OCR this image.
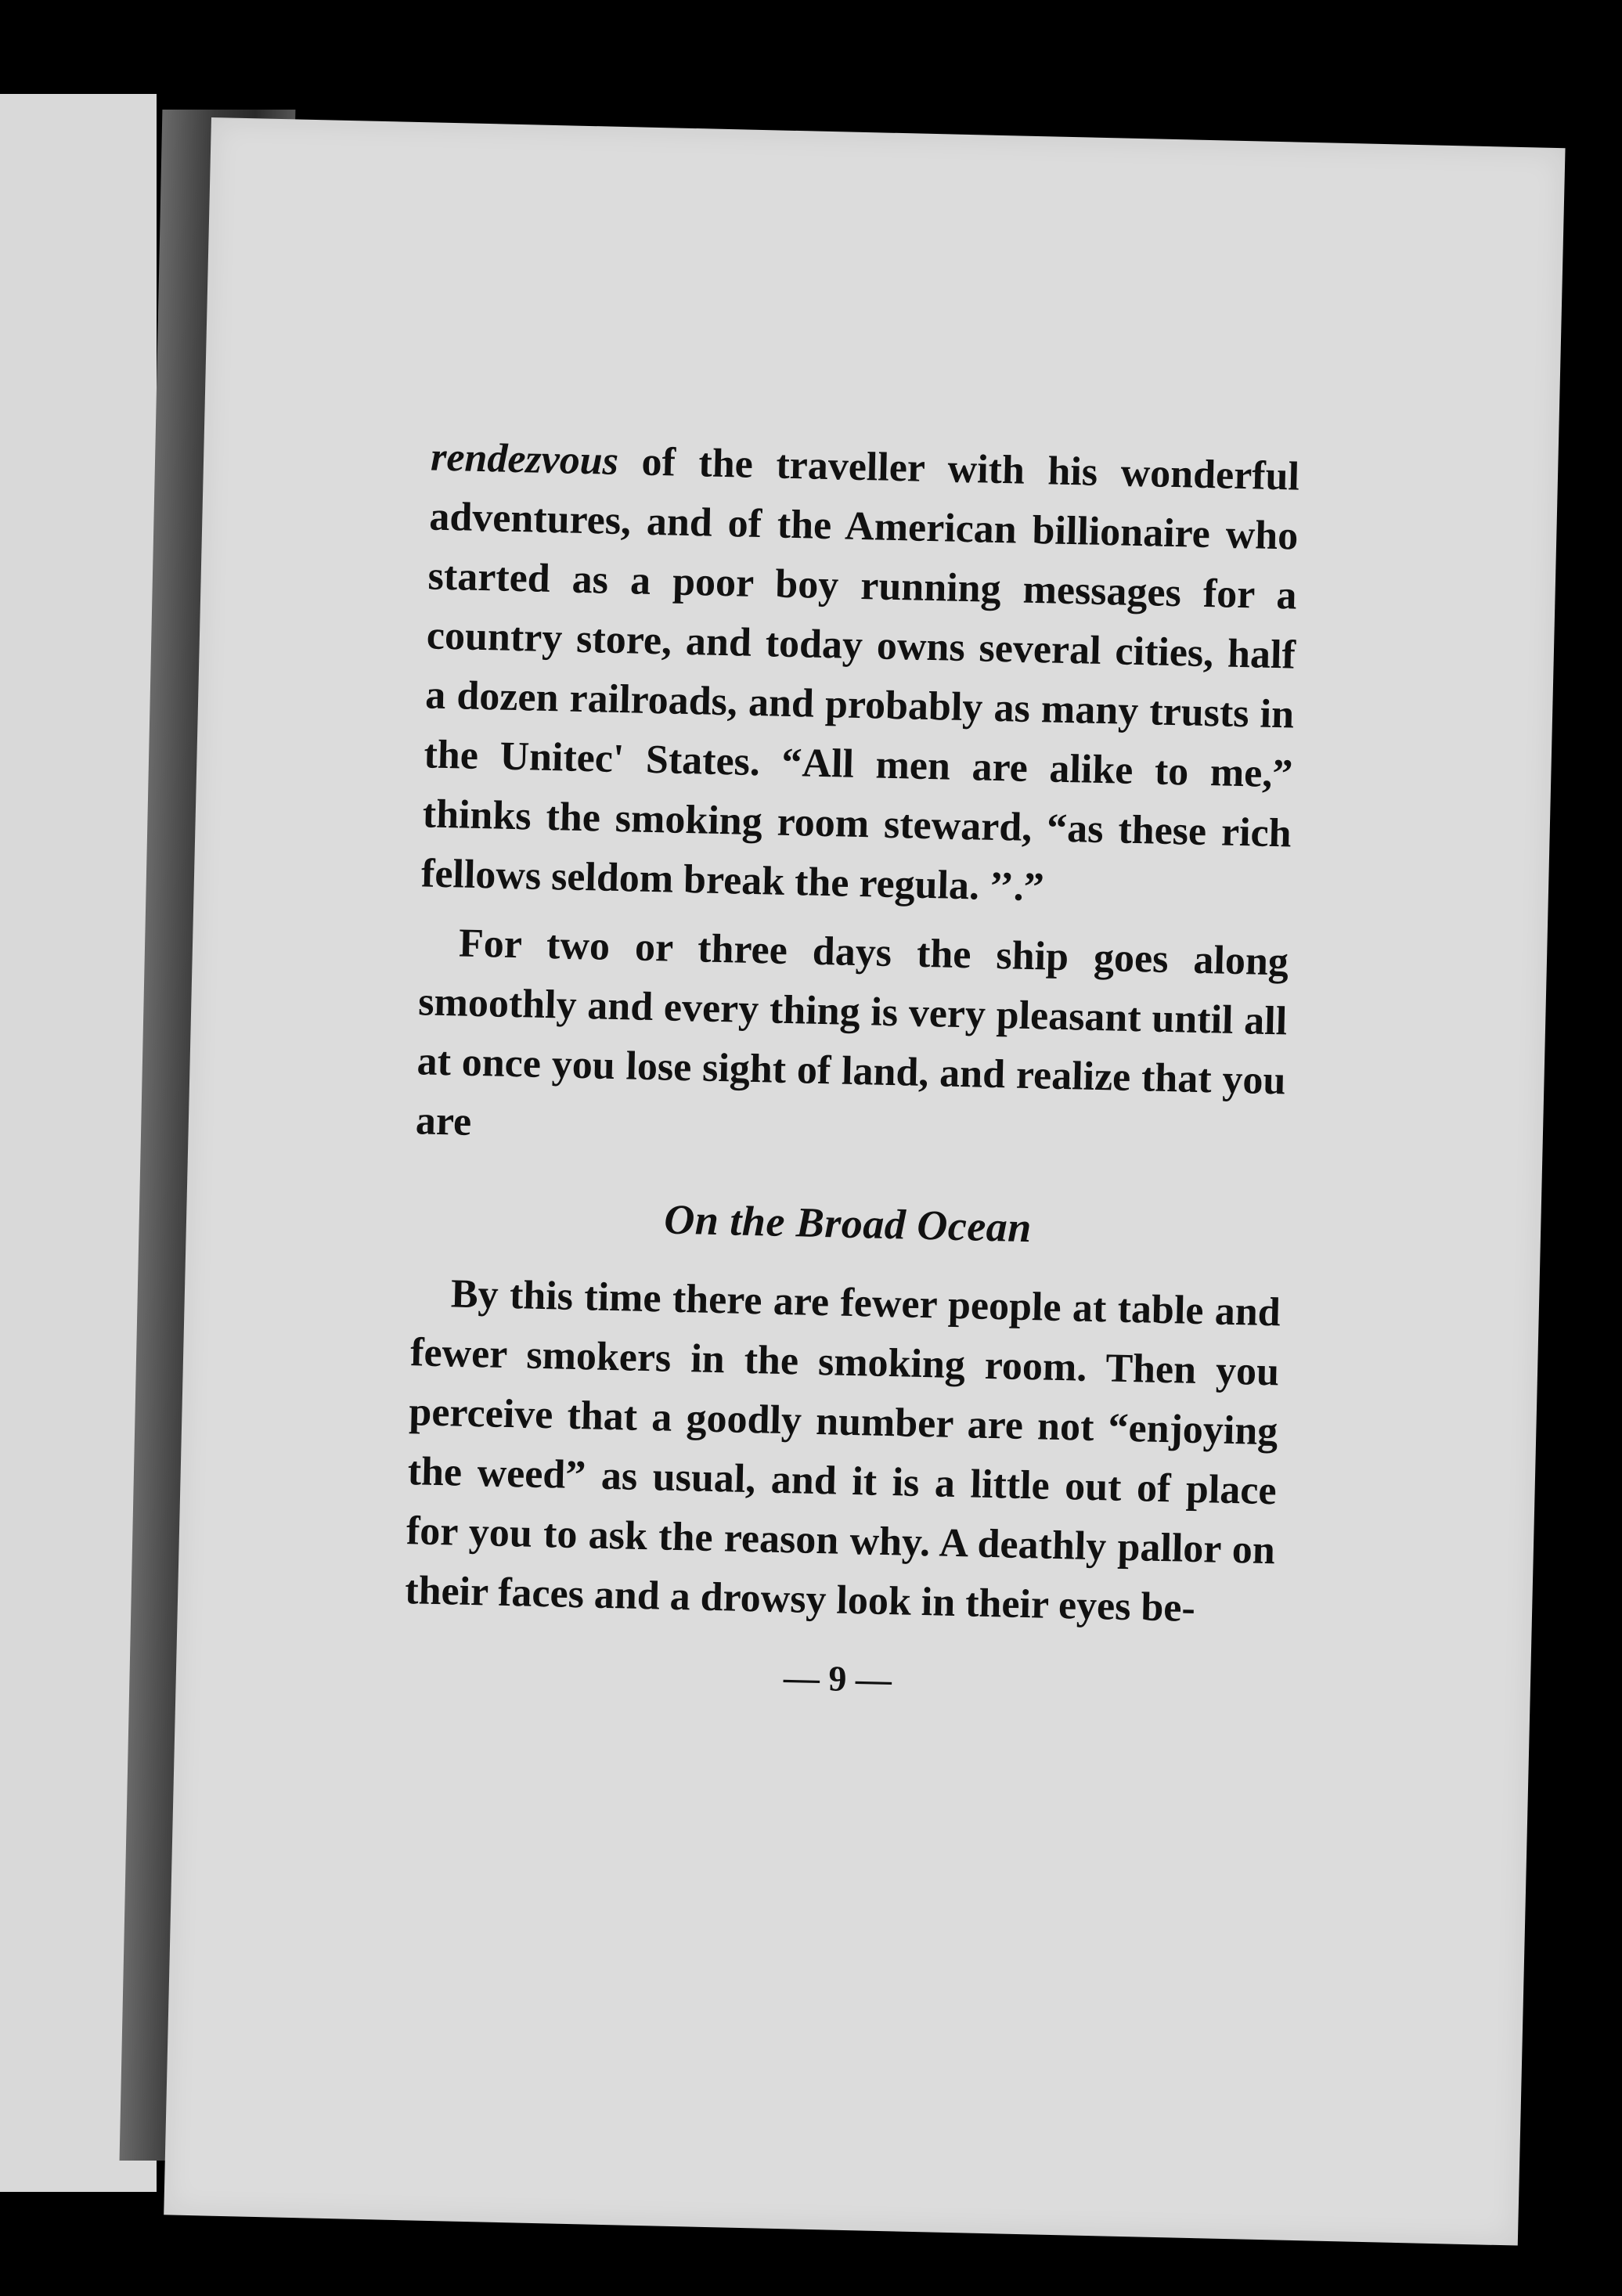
rendezvous of the traveller with his wonderful adventures, and of the American billionaire who started as a poor boy running messages for a country store, and today owns several cities, half a dozen railroads, and probably as many trusts in the Unitec' States. “All men are alike to me,” thinks the smoking room steward, “as these rich fellows seldom break the regula. ’’.”

For two or three days the ship goes along smoothly and every thing is very pleasant until all at once you lose sight of land, and realize that you are

On the Broad Ocean

By this time there are fewer people at table and fewer smokers in the smoking room. Then you perceive that a goodly number are not “enjoying the weed” as usual, and it is a little out of place for you to ask the reason why. A deathly pallor on their faces and a drowsy look in their eyes be-

— 9 —
